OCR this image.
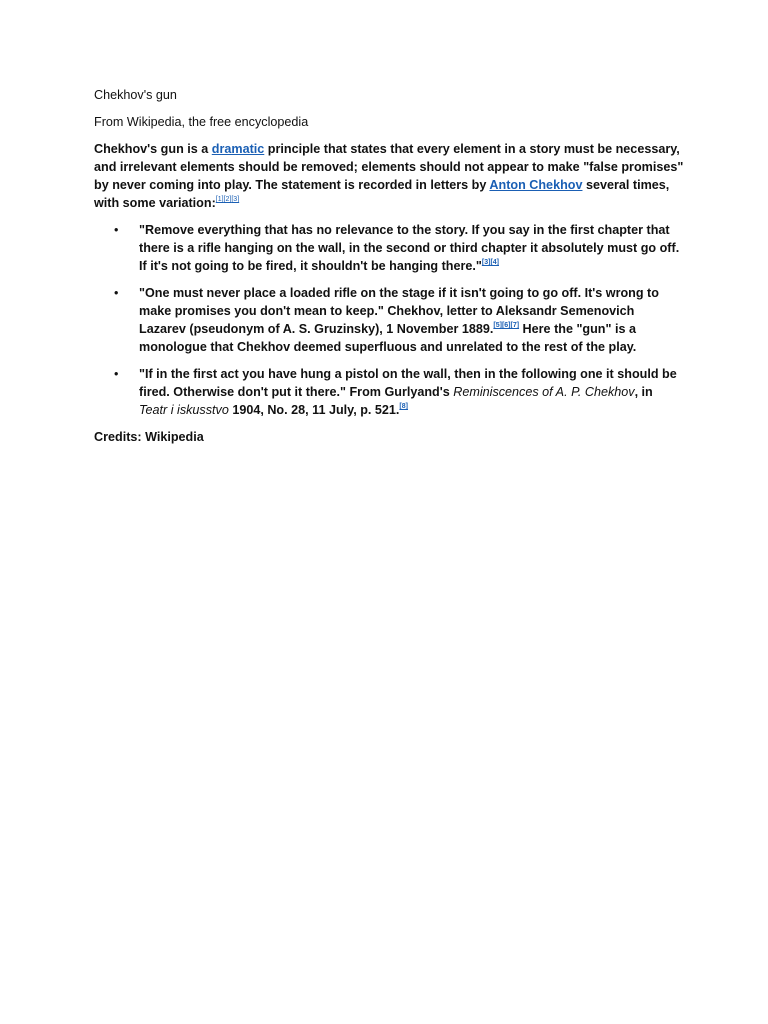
Chekhov's gun

From Wikipedia, the free encyclopedia

Chekhov's gun is a dramatic principle that states that every element in a story must be necessary, and irrelevant elements should be removed; elements should not appear to make "false promises" by never coming into play. The statement is recorded in letters by Anton Chekhov several times, with some variation:[1][2][3]

• "Remove everything that has no relevance to the story. If you say in the first chapter that there is a rifle hanging on the wall, in the second or third chapter it absolutely must go off. If it's not going to be fired, it shouldn't be hanging there."[3][4]
• "One must never place a loaded rifle on the stage if it isn't going to go off. It's wrong to make promises you don't mean to keep." Chekhov, letter to Aleksandr Semenovich Lazarev (pseudonym of A. S. Gruzinsky), 1 November 1889.[5][6][7] Here the "gun" is a monologue that Chekhov deemed superfluous and unrelated to the rest of the play.
• "If in the first act you have hung a pistol on the wall, then in the following one it should be fired. Otherwise don't put it there." From Gurlyand's Reminiscences of A. P. Chekhov, in Teatr i iskusstvo 1904, No. 28, 11 July, p. 521.[8]

Credits: Wikipedia
